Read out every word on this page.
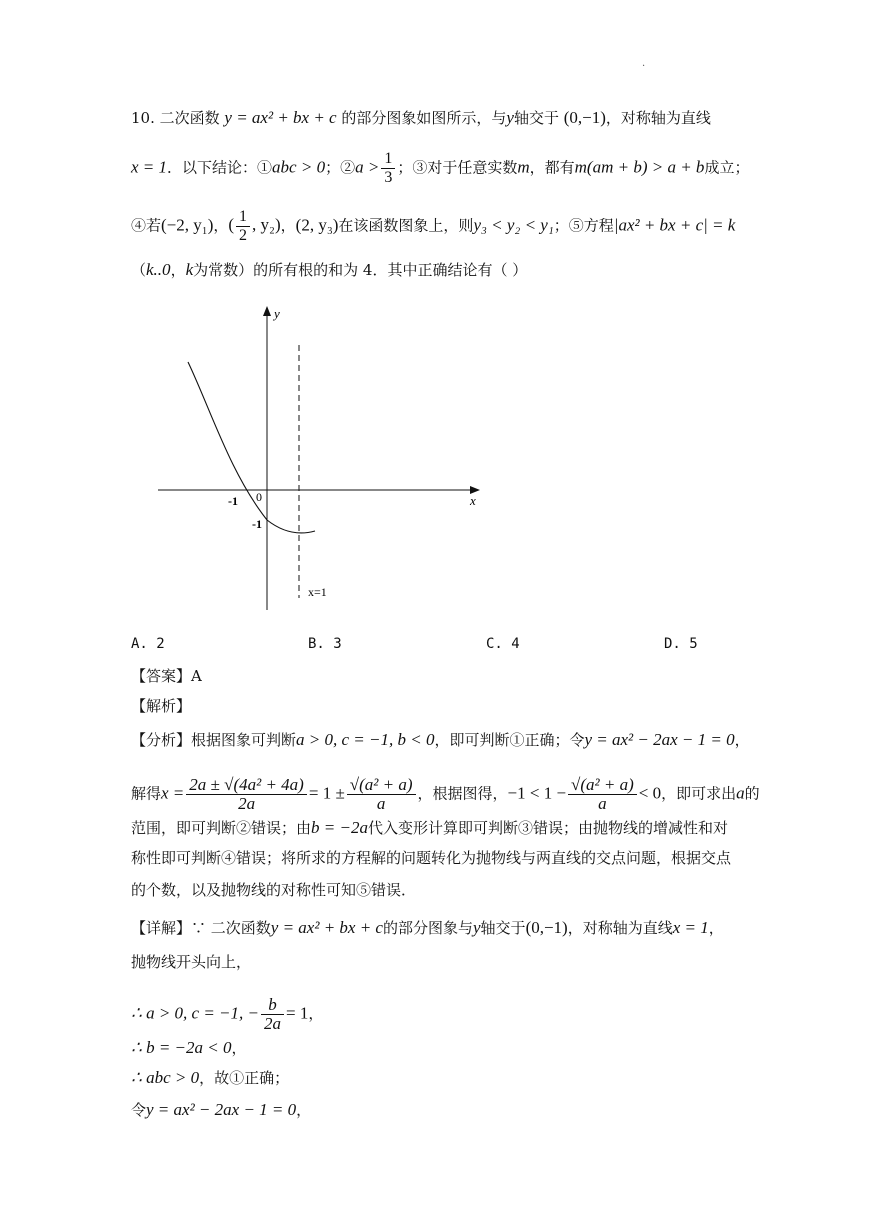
.
10. 二次函数 y = ax² + bx + c 的部分图象如图所示，与y轴交于 (0,−1)，对称轴为直线
x = 1．以下结论：①abc > 0；②a > $\frac{1}{3}$ ；③对于任意实数m，都有m(am + b) > a + b成立；
④若(−2, y₁)，( $\frac{1}{2}$ , y₂)，(2, y₃)在该函数图象上，则y₃ < y₂ < y₁；⑤方程|ax² + bx + c| = k
（k..0，k为常数）的所有根的和为 4．其中正确结论有（ ）
y
x
0
-1
-1
x=1
A. 2	B. 3	C. 4	D. 5
【答案】A
【解析】
【分析】根据图象可判断a > 0, c = −1, b < 0，即可判断①正确；令y = ax² − 2ax − 1 = 0，
解得$x = \frac{\text{2a ± √(4a² + 4a)}}{2a} = 1 \pm \frac{\text{√(a² + a)}}{a}$ ，根据图得，$-1 < 1 - \frac{\text{√(a² + a)}}{a} < 0$，即可求出a的
范围，即可判断②错误；由b = −2a代入变形计算即可判断③错误；由抛物线的增减性和对
称性即可判断④错误；将所求的方程解的问题转化为抛物线与两直线的交点问题，根据交点
的个数，以及抛物线的对称性可知⑤错误．
【详解】∵ 二次函数y = ax² + bx + c的部分图象与y轴交于(0,−1)，对称轴为直线x = 1，
抛物线开头向上，
∴ a > 0, c = −1, − $\frac{b}{2a} = 1$，
∴ b = −2a < 0，
∴ abc > 0，故①正确；
令y = ax² − 2ax − 1 = 0，
